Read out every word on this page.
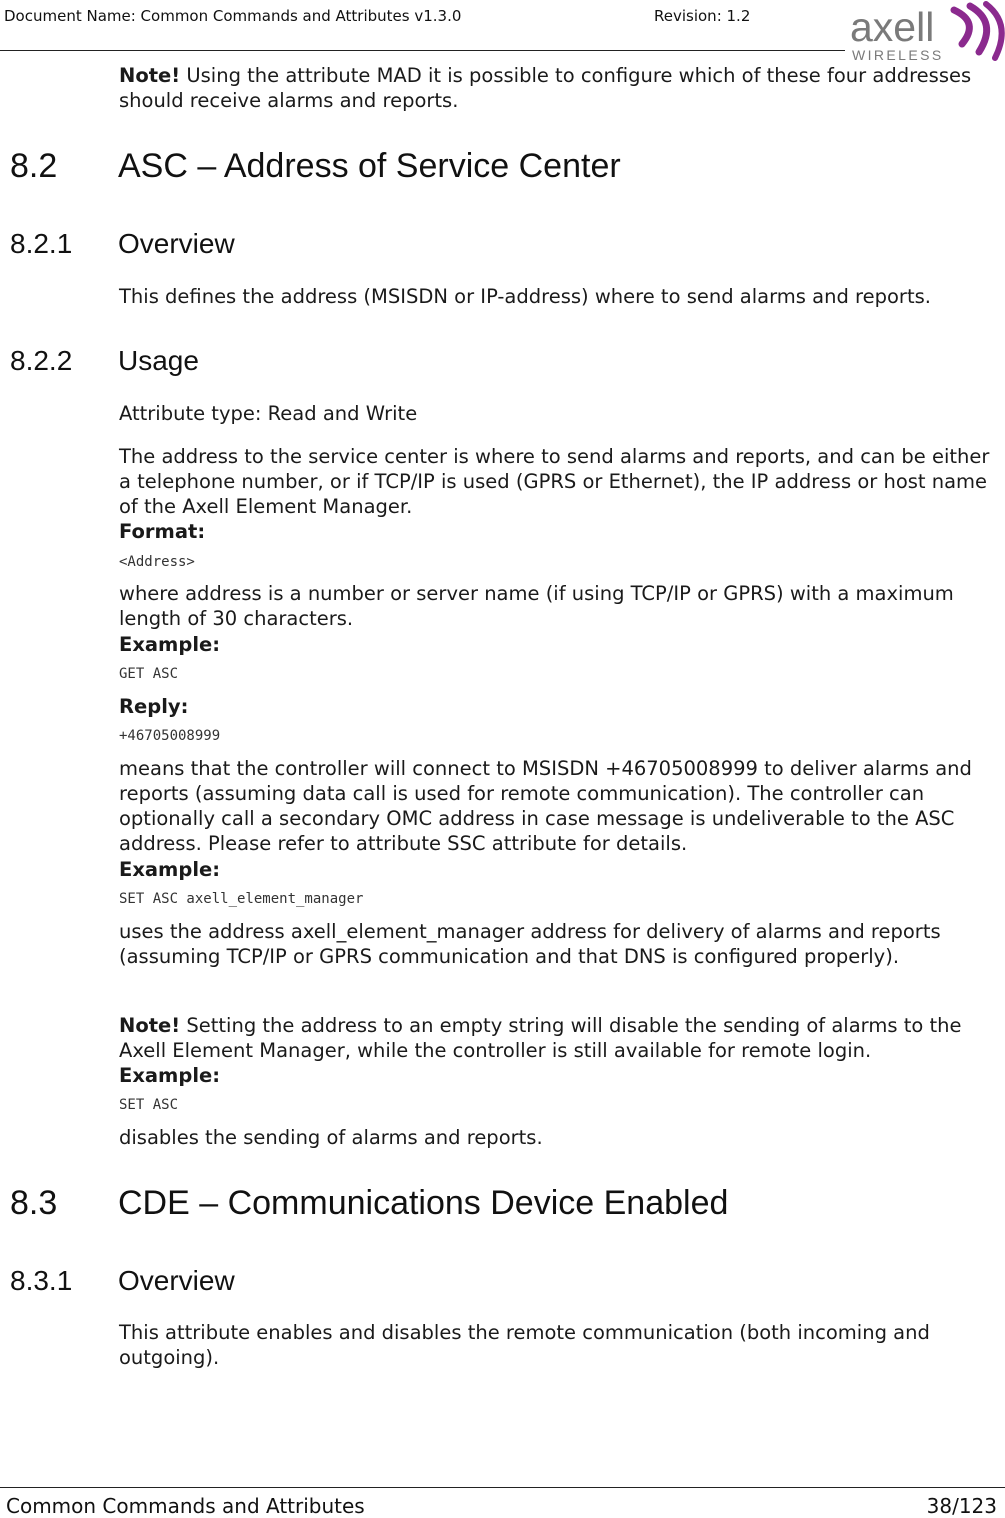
Document Name: Common Commands and Attributes v1.3.0	Revision: 1.2 axell
WIRELESS
Note! Using the attribute MAD it is possible to configure which of these four addresses should receive alarms and reports.
8.2 ASC – Address of Service Center
8.2.1 Overview
This defines the address (MSISDN or IP-address) where to send alarms and reports.
8.2.2 Usage
Attribute type: Read and Write
The address to the service center is where to send alarms and reports, and can be either a telephone number, or if TCP/IP is used (GPRS or Ethernet), the IP address or host name of the Axell Element Manager.
Format:
<Address>
where address is a number or server name (if using TCP/IP or GPRS) with a maximum length of 30 characters.
Example:
GET ASC
Reply:
+46705008999
means that the controller will connect to MSISDN +46705008999 to deliver alarms and reports (assuming data call is used for remote communication). The controller can optionally call a secondary OMC address in case message is undeliverable to the ASC address. Please refer to attribute SSC attribute for details.
Example:
SET ASC axell_element_manager
uses the address axell_element_manager address for delivery of alarms and reports (assuming TCP/IP or GPRS communication and that DNS is configured properly).
Note! Setting the address to an empty string will disable the sending of alarms to the Axell Element Manager, while the controller is still available for remote login.
Example:
SET ASC
disables the sending of alarms and reports.
8.3 CDE – Communications Device Enabled
8.3.1 Overview
This attribute enables and disables the remote communication (both incoming and outgoing).
Common Commands and Attributes	38/123
